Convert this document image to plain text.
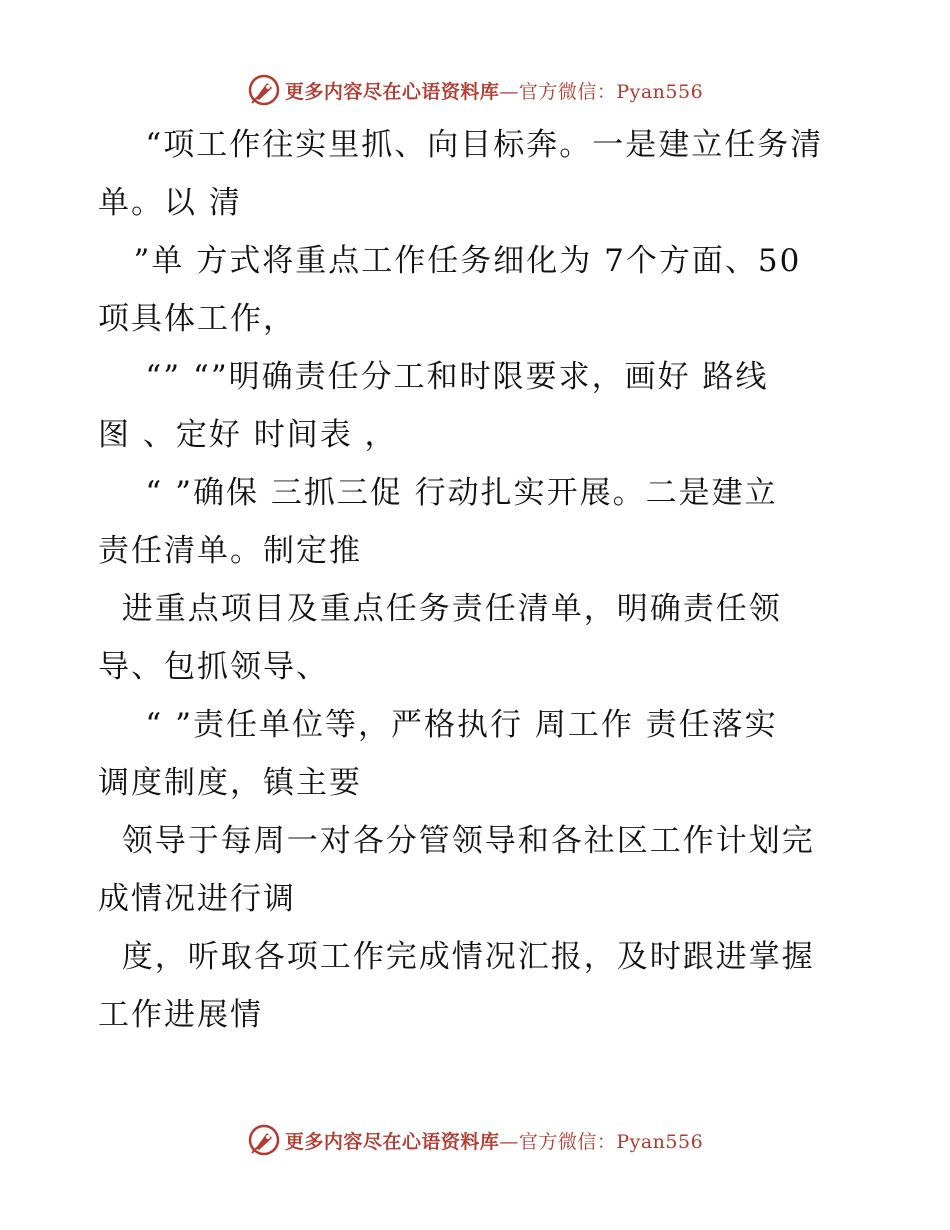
更多内容尽在心语资料库—官方微信：Pyan556
“项工作往实里抓、向目标奔。一是建立任务清
单。以 清
”单 方式将重点工作任务细化为 7个方面、50
项具体工作，
“” “”明确责任分工和时限要求，画好 路线
图 、定好 时间表 ，
“ ”确保 三抓三促 行动扎实开展。二是建立
责任清单。制定推
进重点项目及重点任务责任清单，明确责任领
导、包抓领导、
“ ”责任单位等，严格执行 周工作 责任落实
调度制度，镇主要
领导于每周一对各分管领导和各社区工作计划完
成情况进行调
度，听取各项工作完成情况汇报，及时跟进掌握
工作进展情
更多内容尽在心语资料库—官方微信：Pyan556
